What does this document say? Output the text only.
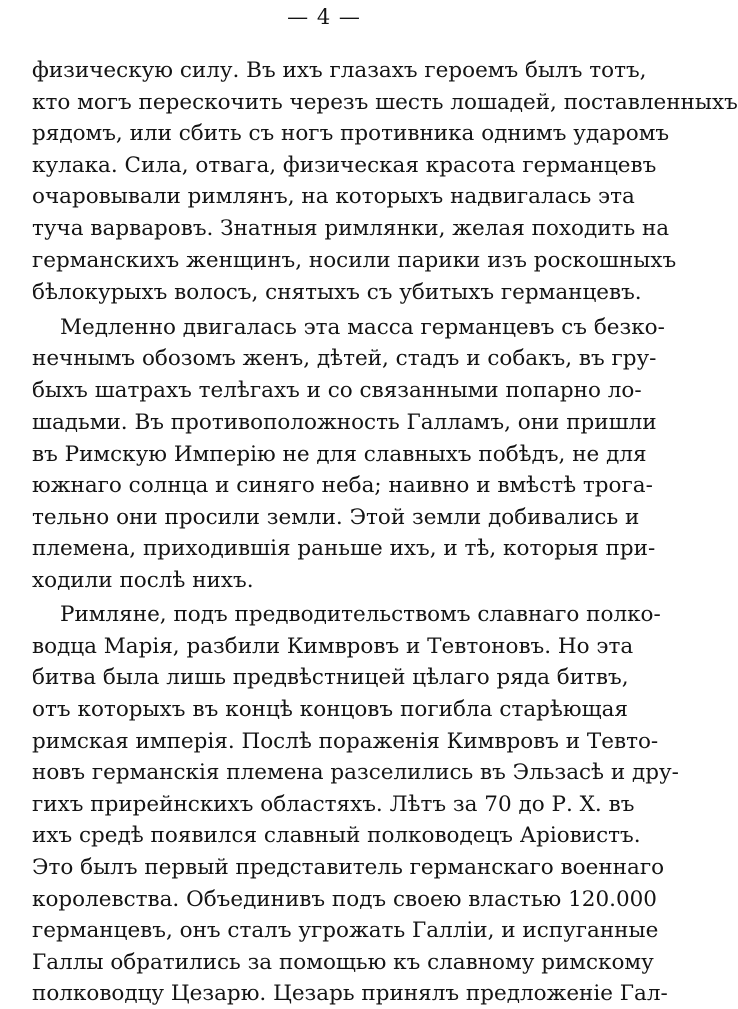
— 4 —
физическую силу. Въ ихъ глазахъ героемъ былъ тотъ,
кто могъ перескочить черезъ шесть лошадей, поставленныхъ
рядомъ, или сбить съ ногъ противника однимъ ударомъ
кулака. Сила, отвага, физическая красота германцевъ
очаровывали римлянъ, на которыхъ надвигалась эта
туча варваровъ. Знатныя римлянки, желая походить на
германскихъ женщинъ, носили парики изъ роскошныхъ
бѣлокурыхъ волосъ, снятыхъ съ убитыхъ германцевъ.
Медленно двигалась эта масса германцевъ съ безко-
нечнымъ обозомъ женъ, дѣтей, стадъ и собакъ, въ гру-
быхъ шатрахъ телѣгахъ и со связанными попарно ло-
шадьми. Въ противоположность Галламъ, они пришли
въ Римскую Имперію не для славныхъ побѣдъ, не для
южнаго солнца и синяго неба; наивно и вмѣстѣ трога-
тельно они просили земли. Этой земли добивались и
племена, приходившія раньше ихъ, и тѣ, которыя при-
ходили послѣ нихъ.
Римляне, подъ предводительствомъ славнаго полко-
водца Марія, разбили Кимвровъ и Тевтоновъ. Но эта
битва была лишь предвѣстницей цѣлаго ряда битвъ,
отъ которыхъ въ концѣ концовъ погибла старѣющая
римская имперія. Послѣ пораженія Кимвровъ и Тевто-
новъ германскія племена разселились въ Эльзасѣ и дру-
гихъ прирейнскихъ областяхъ. Лѣтъ за 70 до Р. Х. въ
ихъ средѣ появился славный полководецъ Аріовистъ.
Это былъ первый представитель германскаго военнаго
королевства. Объединивъ подъ своею властью 120.000
германцевъ, онъ сталъ угрожать Галліи, и испуганные
Галлы обратились за помощью къ славному римскому
полководцу Цезарю. Цезарь принялъ предложеніе Гал-
